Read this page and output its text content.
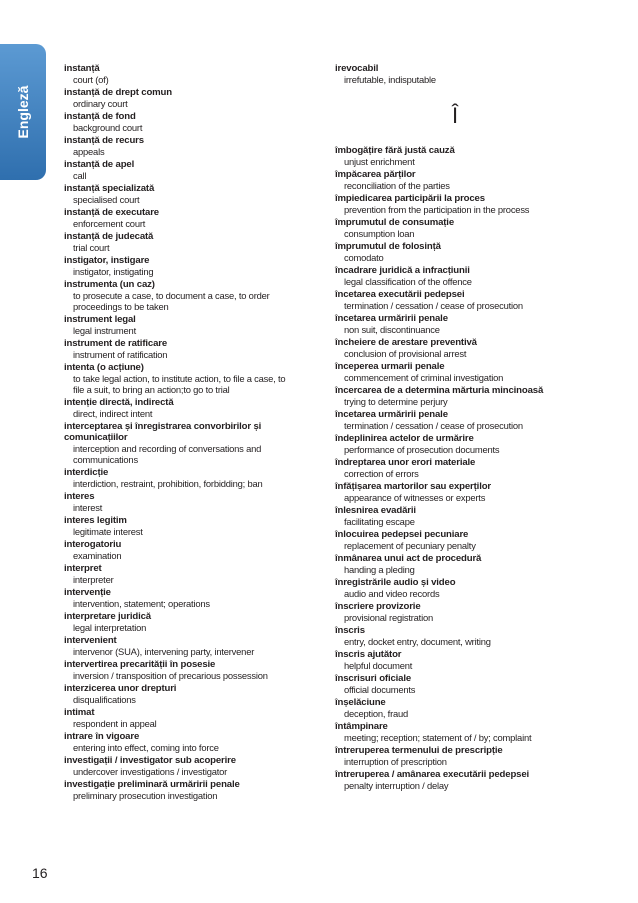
Engleză
instanță
court (of)
instanță de drept comun
ordinary court
instanță de fond
background court
instanță de recurs
appeals
instanță de apel
call
instanță specializată
specialised court
instanță de executare
enforcement court
instanță de judecată
trial court
instigator, instigare
instigator, instigating
instrumenta (un caz)
to prosecute a case, to document a case, to order proceedings to be taken
instrument legal
legal instrument
instrument de ratificare
instrument of ratification
intenta (o acțiune)
to take legal action, to institute action, to file a case, to file a suit, to bring an action;to go to trial
intenție directă, indirectă
direct, indirect intent
interceptarea și înregistrarea convorbirilor și comunicațiilor
interception and recording of conversations and communications
interdicție
interdiction, restraint, prohibition, forbidding; ban
interes
interest
interes legitim
legitimate interest
interogatoriu
examination
interpret
interpreter
intervenție
intervention, statement; operations
interpretare juridică
legal interpretation
intervenient
intervenor (SUA), intervening party, intervener
intervertirea precarității în posesie
inversion / transposition of precarious possession
interzicerea unor drepturi
disqualifications
intimat
respondent in appeal
intrare în vigoare
entering into effect, coming into force
investigații / investigator sub acoperire
undercover investigations / investigator
investigație preliminară urmăririi penale
preliminary prosecution investigation
irevocabil
irrefutable, indisputable
Î
îmbogățire fără justă cauză
unjust enrichment
împăcarea părților
reconciliation of the parties
împiedicarea participării la proces
prevention from the participation in the process
împrumutul de consumație
consumption loan
împrumutul de folosință
comodato
încadrare juridică a infracțiunii
legal classification of the offence
încetarea executării pedepsei
termination / cessation / cease of prosecution
încetarea urmăririi penale
non suit, discontinuance
încheiere de arestare preventivă
conclusion of provisional arrest
începerea urmarii penale
commencement of criminal investigation
încercarea de a determina mărturia mincinoasă
trying to determine perjury
încetarea urmăririi penale
termination / cessation / cease of prosecution
îndeplinirea actelor de urmărire
performance of prosecution documents
îndreptarea unor erori materiale
correction of errors
înfățișarea martorilor sau experților
appearance of witnesses or experts
înlesnirea evadării
facilitating escape
înlocuirea pedepsei pecuniare
replacement of pecuniary penalty
înmânarea unui act de procedură
handing a pleding
înregistrările audio și video
audio and video records
înscriere provizorie
provisional registration
înscris
entry, docket entry, document, writing
înscris ajutător
helpful document
înscrisuri oficiale
official documents
înșelăciune
deception, fraud
întâmpinare
meeting; reception; statement of / by; complaint
întreruperea termenului de prescripție
interruption of prescription
întreruperea / amânarea executării pedepsei
penalty interruption / delay
16
